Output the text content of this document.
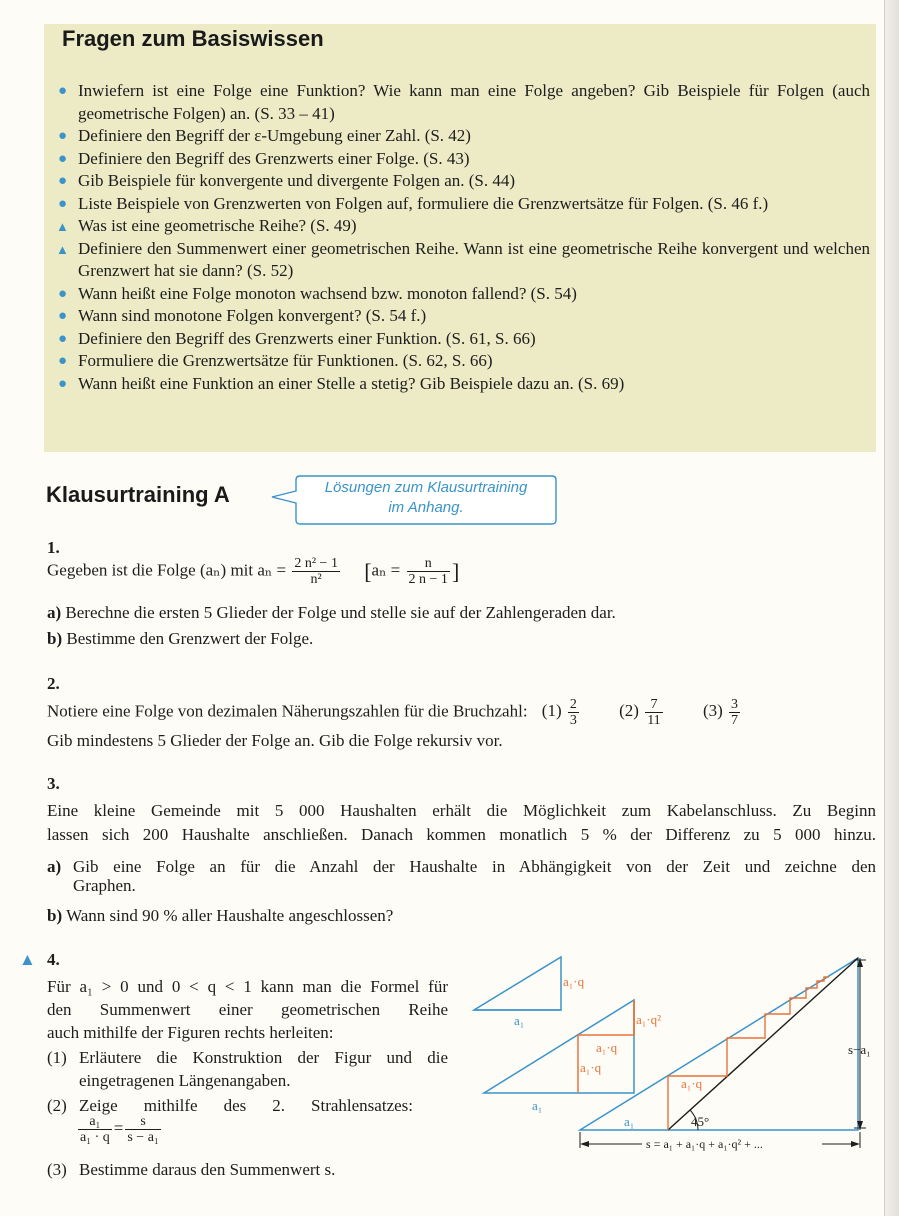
Fragen zum Basiswissen
● Inwiefern ist eine Folge eine Funktion? Wie kann man eine Folge angeben? Gib Beispiele für Folgen (auch geometrische Folgen) an. (S. 33 – 41)
● Definiere den Begriff der ε-Umgebung einer Zahl. (S. 42)
● Definiere den Begriff des Grenzwerts einer Folge. (S. 43)
● Gib Beispiele für konvergente und divergente Folgen an. (S. 44)
● Liste Beispiele von Grenzwerten von Folgen auf, formuliere die Grenzwertsätze für Folgen. (S. 46 f.)
▲ Was ist eine geometrische Reihe? (S. 49)
▲ Definiere den Summenwert einer geometrischen Reihe. Wann ist eine geometrische Reihe konvergent und welchen Grenzwert hat sie dann? (S. 52)
● Wann heißt eine Folge monoton wachsend bzw. monoton fallend? (S. 54)
● Wann sind monotone Folgen konvergent? (S. 54 f.)
● Definiere den Begriff des Grenzwerts einer Funktion. (S. 61, S. 66)
● Formuliere die Grenzwertsätze für Funktionen. (S. 62, S. 66)
● Wann heißt eine Funktion an einer Stelle a stetig? Gib Beispiele dazu an. (S. 69)
Klausurtraining A	Lösungen zum Klausurtraining
im Anhang.
1.
Gegeben ist die Folge (aₙ) mit $a_n = \frac{\text{2 n² − 1}}{\text{n²}} [a_n = \frac{n}{2 n - 1}$ ]
a) Berechne die ersten 5 Glieder der Folge und stelle sie auf der Zahlengeraden dar.
b) Bestimme den Grenzwert der Folge.
2.
Notiere eine Folge von dezimalen Näherungszahlen für die Bruchzahl: $(1) \frac{2}{3} (2) \frac{7}{11} (3) \frac{3}{7}$
Gib mindestens 5 Glieder der Folge an. Gib die Folge rekursiv vor.
3.
Eine kleine Gemeinde mit 5 000 Haushalten erhält die Möglichkeit zum Kabelanschluss. Zu Beginn
lassen sich 200 Haushalte anschließen. Danach kommen monatlich 5 % der Differenz zu 5 000 hinzu.
a) Gib eine Folge an für die Anzahl der Haushalte in Abhängigkeit von der Zeit und zeichne den
Graphen.
b) Wann sind 90 % aller Haushalte angeschlossen?
▲ 4.
Für a₁ > 0 und 0 < q < 1 kann man die Formel für
den Summenwert einer geometrischen Reihe
auch mithilfe der Figuren rechts herleiten:
(1) Erläutere die Konstruktion der Figur und die
eingetragenen Längenangaben.
(2) Zeige mithilfe des 2. Strahlensatzes:
$\frac{\text{a₁}}{\text{a₁ · q}} = \frac{s}{\text{s − a₁}}$
(3) Bestimme daraus den Summenwert s.
a₁·q
a₁	a₁·q²
a₁·q
a₁·q
a₁
45°
a₁·q
a₁
s−a₁
s = a₁ + a₁·q + a₁·q² + ...
